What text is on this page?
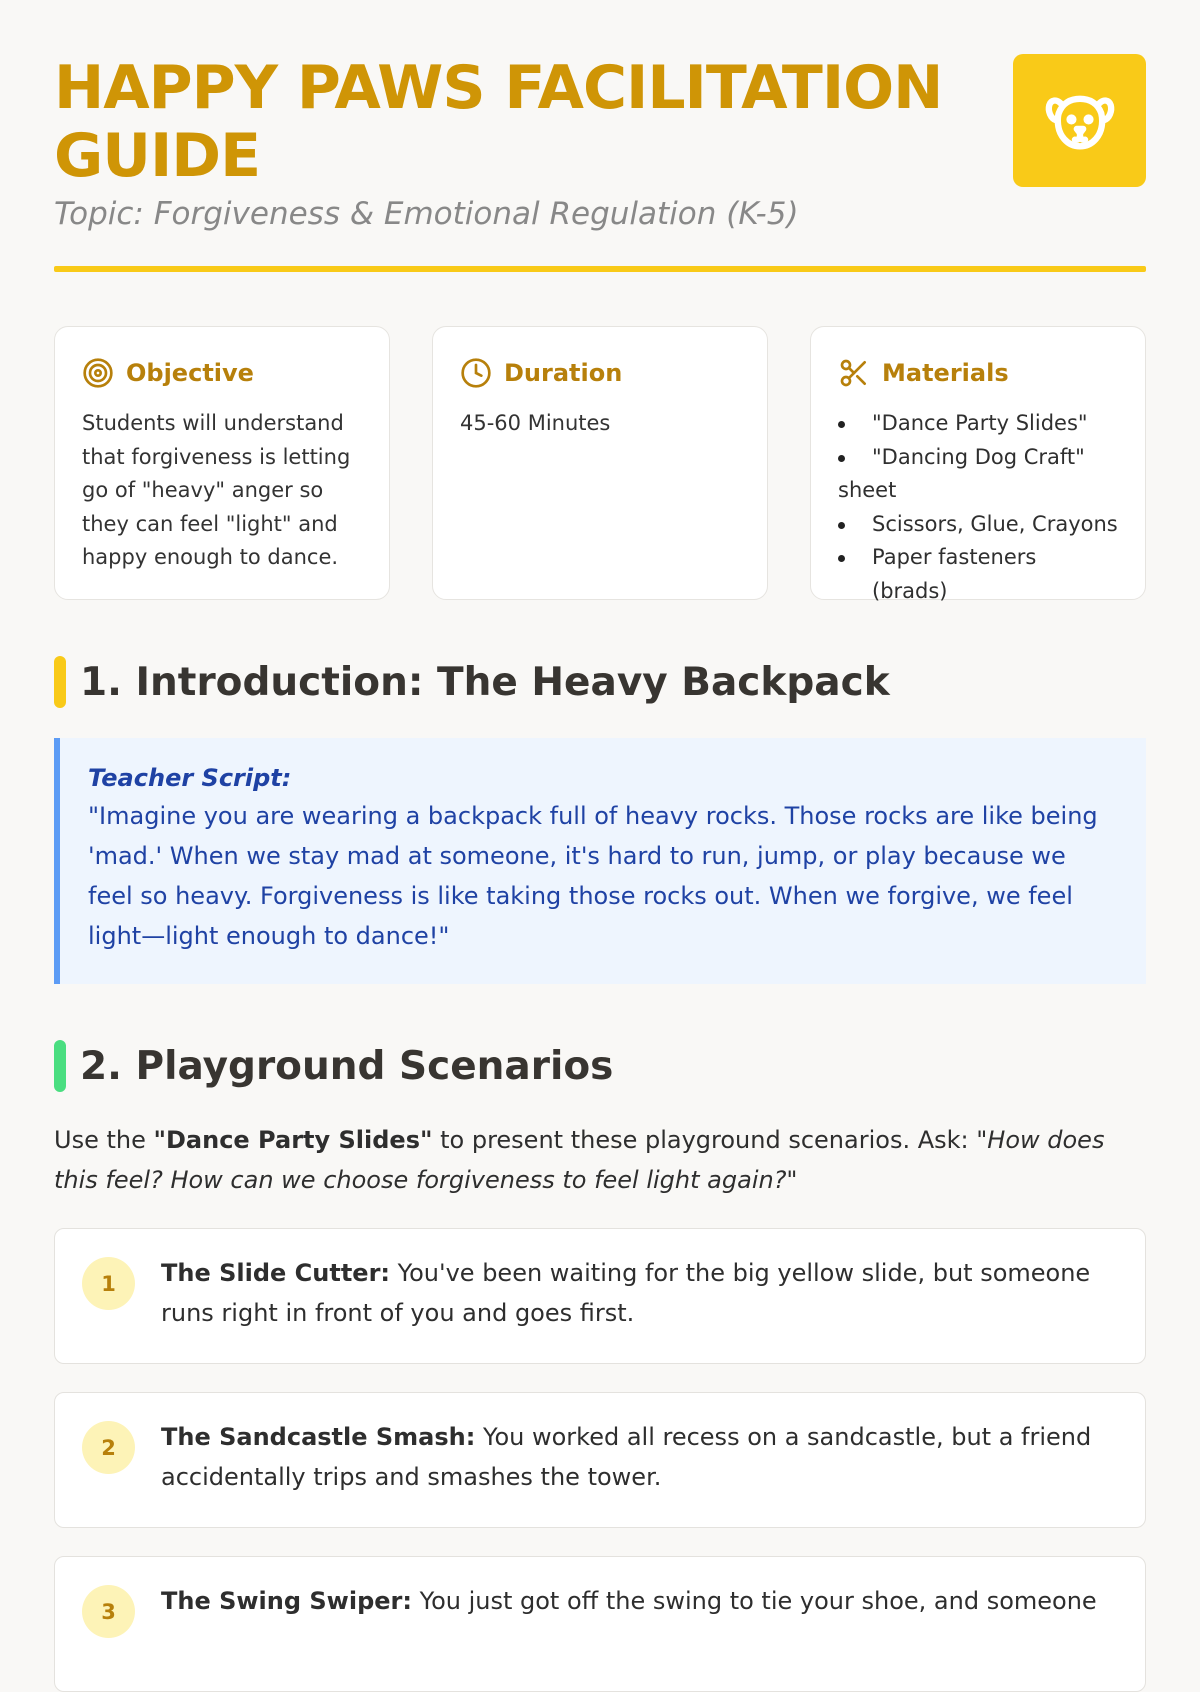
HAPPY PAWS FACILITATION GUIDE
Topic: Forgiveness & Emotional Regulation (K-5)
Objective
Students will understand that forgiveness is letting go of "heavy" anger so they can feel "light" and happy enough to dance.
Duration
45-60 Minutes
Materials
"Dance Party Slides"
"Dancing Dog Craft"
sheet
Scissors, Glue, Crayons
Paper fasteners (brads)
1. Introduction: The Heavy Backpack
Teacher Script:
"Imagine you are wearing a backpack full of heavy rocks. Those rocks are like being 'mad.' When we stay mad at someone, it's hard to run, jump, or play because we feel so heavy. Forgiveness is like taking those rocks out. When we forgive, we feel light—light enough to dance!"
2. Playground Scenarios
Use the "Dance Party Slides" to present these playground scenarios. Ask: "How does this feel? How can we choose forgiveness to feel light again?"
1	The Slide Cutter: You've been waiting for the big yellow slide, but someone runs right in front of you and goes first.
2	The Sandcastle Smash: You worked all recess on a sandcastle, but a friend accidentally trips and smashes the tower.
3	The Swing Swiper: You just got off the swing to tie your shoe, and someone
